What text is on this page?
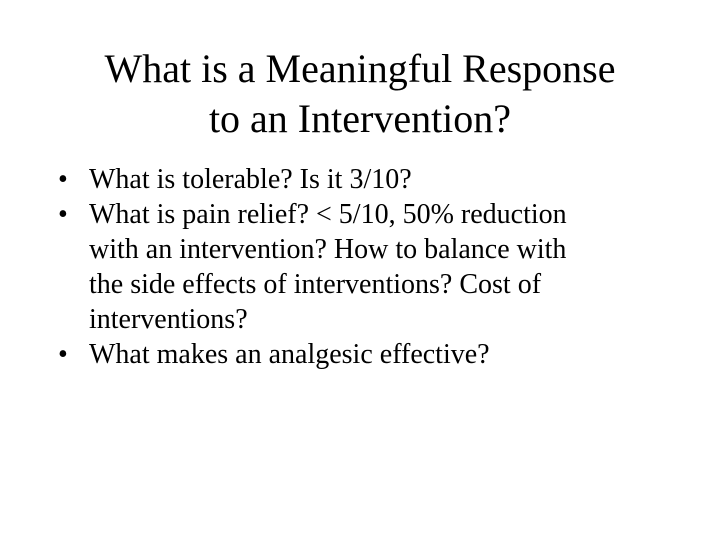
What is a Meaningful Response
to an Intervention?
• What is tolerable? Is it 3/10?
• What is pain relief? < 5/10, 50% reduction
with an intervention? How to balance with
the side effects of interventions? Cost of
interventions?
• What makes an analgesic effective?
